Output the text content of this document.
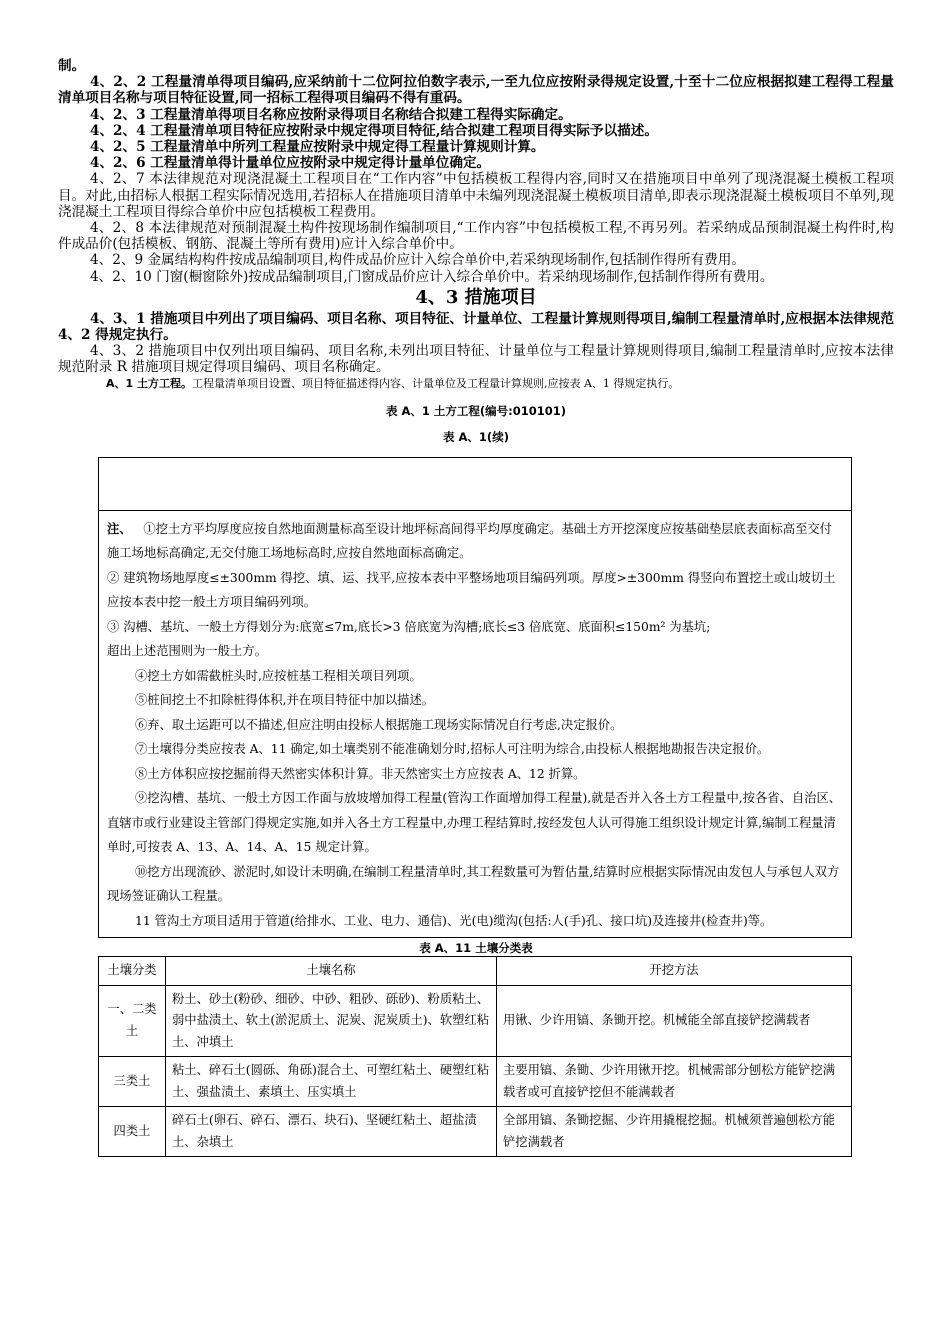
制。

4、2、2 工程量清单得项目编码,应采纳前十二位阿拉伯数字表示,一至九位应按附录得规定设置,十至十二位应根据拟建工程得工程量清单项目名称与项目特征设置,同一招标工程得项目编码不得有重码。

4、2、3 工程量清单得项目名称应按附录得项目名称结合拟建工程得实际确定。

4、2、4 工程量清单项目特征应按附录中规定得项目特征,结合拟建工程项目得实际予以描述。

4、2、5 工程量清单中所列工程量应按附录中规定得工程量计算规则计算。

4、2、6 工程量清单得计量单位应按附录中规定得计量单位确定。

4、2、7 本法律规范对现浇混凝土工程项目在“工作内容”中包括模板工程得内容,同时又在措施项目中单列了现浇混凝土模板工程项目。对此,由招标人根据工程实际情况选用,若招标人在措施项目清单中未编列现浇混凝土模板项目清单,即表示现浇混凝土模板项目不单列,现浇混凝土工程项目得综合单价中应包括模板工程费用。

4、2、8 本法律规范对预制混凝土构件按现场制作编制项目,“工作内容”中包括模板工程,不再另列。若采纳成品预制混凝土构件时,构件成品价(包括模板、钢筋、混凝土等所有费用)应计入综合单价中。

4、2、9 金属结构构件按成品编制项目,构件成品价应计入综合单价中,若采纳现场制作,包括制作得所有费用。

4、2、10 门窗(橱窗除外)按成品编制项目,门窗成品价应计入综合单价中。若采纳现场制作,包括制作得所有费用。

4、3 措施项目

4、3、1 措施项目中列出了项目编码、项目名称、项目特征、计量单位、工程量计算规则得项目,编制工程量清单时,应根据本法律规范 4、2 得规定执行。

4、3、2 措施项目中仅列出项目编码、项目名称,未列出项目特征、计量单位与工程量计算规则得项目,编制工程量清单时,应按本法律规范附录 R 措施项目规定得项目编码、项目名称确定。

A、1 土方工程。工程量清单项目设置、项目特征描述得内容、计量单位及工程量计算规则,应按表 A、1 得规定执行。

表 A、1 土方工程(编号:010101)

表 A、1(续)

注、 ①挖土方平均厚度应按自然地面测量标高至设计地坪标高间得平均厚度确定。基础土方开挖深度应按基础垫层底表面标高至交付施工场地标高确定,无交付施工场地标高时,应按自然地面标高确定。

② 建筑物场地厚度≤±300mm 得挖、填、运、找平,应按本表中平整场地项目编码列项。厚度>±300mm 得竖向布置挖土或山坡切土应按本表中挖一般土方项目编码列项。

③ 沟槽、基坑、一般土方得划分为:底宽≤7m,底长>3 倍底宽为沟槽;底长≤3 倍底宽、底面积≤150m² 为基坑;

超出上述范围则为一般土方。

④挖土方如需截桩头时,应按桩基工程相关项目列项。

⑤桩间挖土不扣除桩得体积,并在项目特征中加以描述。

⑥弃、取土运距可以不描述,但应注明由投标人根据施工现场实际情况自行考虑,决定报价。

⑦土壤得分类应按表 A、11 确定,如土壤类别不能准确划分时,招标人可注明为综合,由投标人根据地勘报告决定报价。

⑧土方体积应按挖掘前得天然密实体积计算。非天然密实土方应按表 A、12 折算。

⑨挖沟槽、基坑、一般土方因工作面与放坡增加得工程量(管沟工作面增加得工程量),就是否并入各土方工程量中,按各省、自治区、直辖市或行业建设主管部门得规定实施,如并入各土方工程量中,办理工程结算时,按经发包人认可得施工组织设计规定计算,编制工程量清单时,可按表 A、13、A、14、A、15 规定计算。

⑩挖方出现流砂、淤泥时,如设计未明确,在编制工程量清单时,其工程数量可为暂估量,结算时应根据实际情况由发包人与承包人双方现场签证确认工程量。

11 管沟土方项目适用于管道(给排水、工业、电力、通信)、光(电)缆沟(包括:人(手)孔、接口坑)及连接井(检查井)等。

表 A、11 土壤分类表

土壤分类	土壤名称	开挖方法
一、二类土	粉土、砂土(粉砂、细砂、中砂、粗砂、砾砂)、粉质粘土、弱中盐渍土、软土(淤泥质土、泥炭、泥炭质土)、软塑红粘土、冲填土	用锹、少许用镐、条锄开挖。机械能全部直接铲挖满载者
三类土	粘土、碎石土(圆砾、角砾)混合土、可塑红粘土、硬塑红粘土、强盐渍土、素填土、压实填土	主要用镐、条锄、少许用锹开挖。机械需部分刨松方能铲挖满载者或可直接铲挖但不能满载者
四类土	碎石土(卵石、碎石、漂石、块石)、坚硬红粘土、超盐渍土、杂填土	全部用镐、条锄挖掘、少许用撬棍挖掘。机械须普遍刨松方能铲挖满载者
